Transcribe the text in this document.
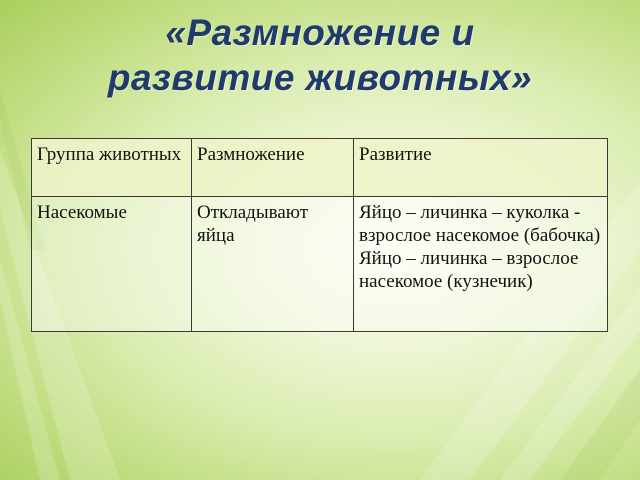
«Размножение и
развитие животных»
Группа животных	Размножение	Развитие
Насекомые	Откладывают яйца	Яйцо – личинка – куколка - взрослое насекомое (бабочка)
Яйцо – личинка – взрослое насекомое (кузнечик)
